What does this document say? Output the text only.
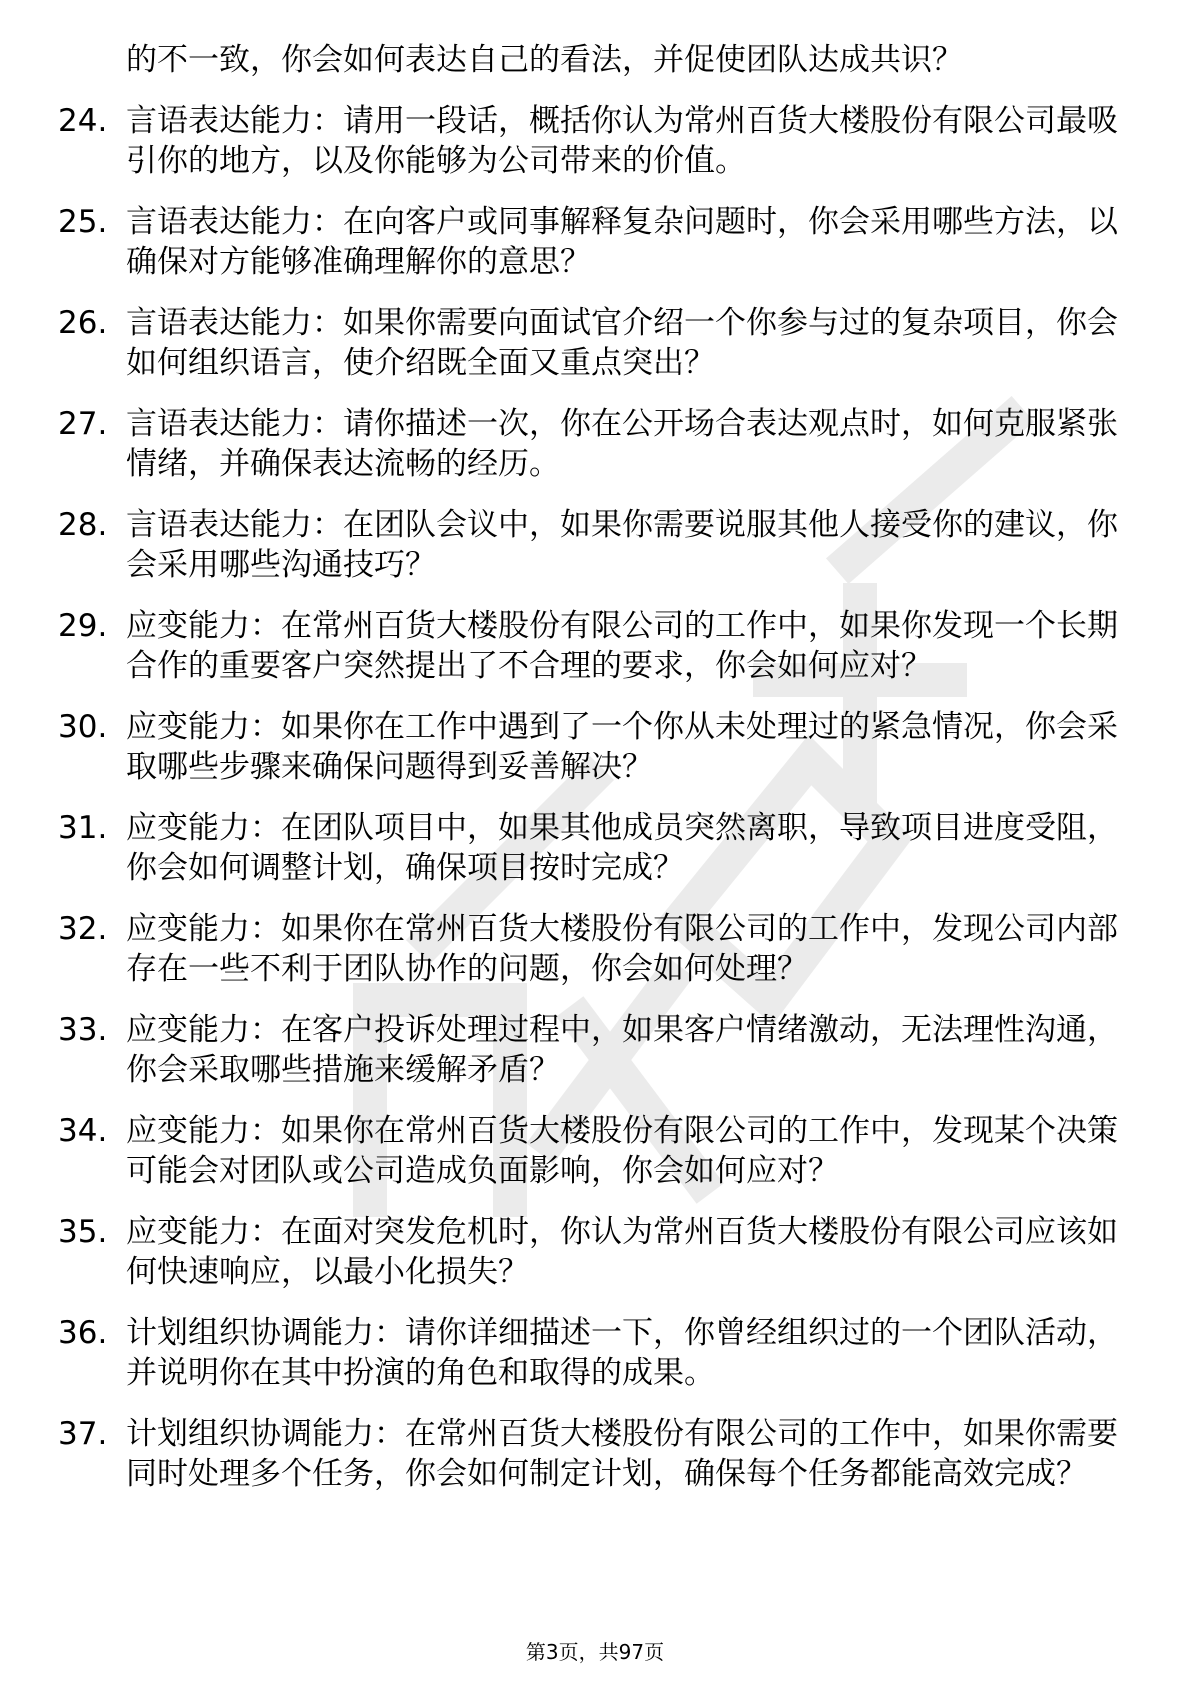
的不一致，你会如何表达自己的看法，并促使团队达成共识？
24. 言语表达能力：请用一段话，概括你认为常州百货大楼股份有限公司最吸引你的地方，以及你能够为公司带来的价值。
25. 言语表达能力：在向客户或同事解释复杂问题时，你会采用哪些方法，以确保对方能够准确理解你的意思？
26. 言语表达能力：如果你需要向面试官介绍一个你参与过的复杂项目，你会如何组织语言，使介绍既全面又重点突出？
27. 言语表达能力：请你描述一次，你在公开场合表达观点时，如何克服紧张情绪，并确保表达流畅的经历。
28. 言语表达能力：在团队会议中，如果你需要说服其他人接受你的建议，你会采用哪些沟通技巧？
29. 应变能力：在常州百货大楼股份有限公司的工作中，如果你发现一个长期合作的重要客户突然提出了不合理的要求，你会如何应对？
30. 应变能力：如果你在工作中遇到了一个你从未处理过的紧急情况，你会采取哪些步骤来确保问题得到妥善解决？
31. 应变能力：在团队项目中，如果其他成员突然离职，导致项目进度受阻，你会如何调整计划，确保项目按时完成？
32. 应变能力：如果你在常州百货大楼股份有限公司的工作中，发现公司内部存在一些不利于团队协作的问题，你会如何处理？
33. 应变能力：在客户投诉处理过程中，如果客户情绪激动，无法理性沟通，你会采取哪些措施来缓解矛盾？
34. 应变能力：如果你在常州百货大楼股份有限公司的工作中，发现某个决策可能会对团队或公司造成负面影响，你会如何应对？
35. 应变能力：在面对突发危机时，你认为常州百货大楼股份有限公司应该如何快速响应，以最小化损失？
36. 计划组织协调能力：请你详细描述一下，你曾经组织过的一个团队活动，并说明你在其中扮演的角色和取得的成果。
37. 计划组织协调能力：在常州百货大楼股份有限公司的工作中，如果你需要同时处理多个任务，你会如何制定计划，确保每个任务都能高效完成？
第3页，共97页
